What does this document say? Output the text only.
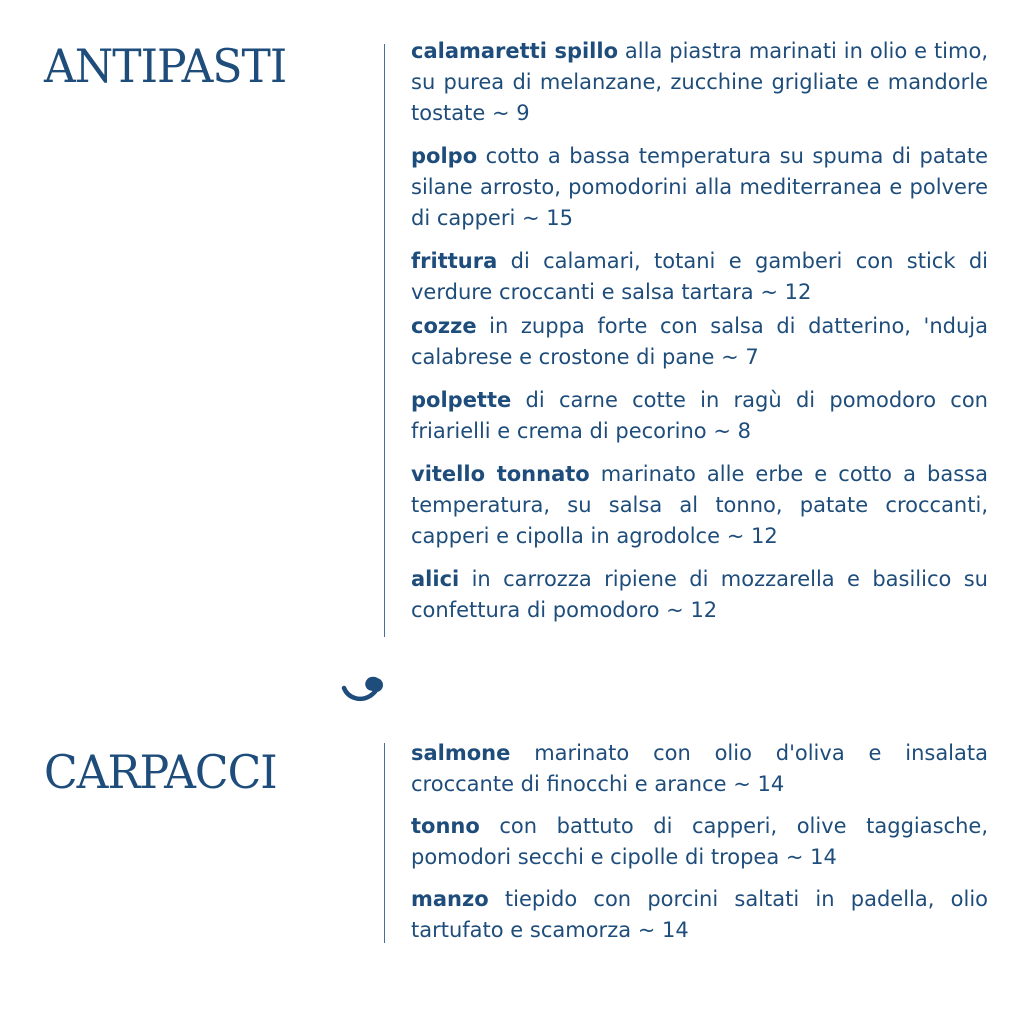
ANTIPASTI	calamaretti spillo alla piastra marinati in olio e timo, su purea di melanzane, zucchine grigliate e mandorle tostate ~ 9
polpo cotto a bassa temperatura su spuma di patate silane arrosto, pomodorini alla mediterranea e polvere di capperi ~ 15
frittura di calamari, totani e gamberi con stick di verdure croccanti e salsa tartara ~ 12
cozze in zuppa forte con salsa di datterino, 'nduja calabrese e crostone di pane ~ 7
polpette di carne cotte in ragù di pomodoro con friarielli e crema di pecorino ~ 8
vitello tonnato marinato alle erbe e cotto a bassa temperatura, su salsa al tonno, patate croccanti, capperi e cipolla in agrodolce ~ 12
alici in carrozza ripiene di mozzarella e basilico su confettura di pomodoro ~ 12
CARPACCI	salmone marinato con olio d'oliva e insalata croccante di finocchi e arance ~ 14
tonno con battuto di capperi, olive taggiasche, pomodori secchi e cipolle di tropea ~ 14
manzo tiepido con porcini saltati in padella, olio tartufato e scamorza ~ 14
